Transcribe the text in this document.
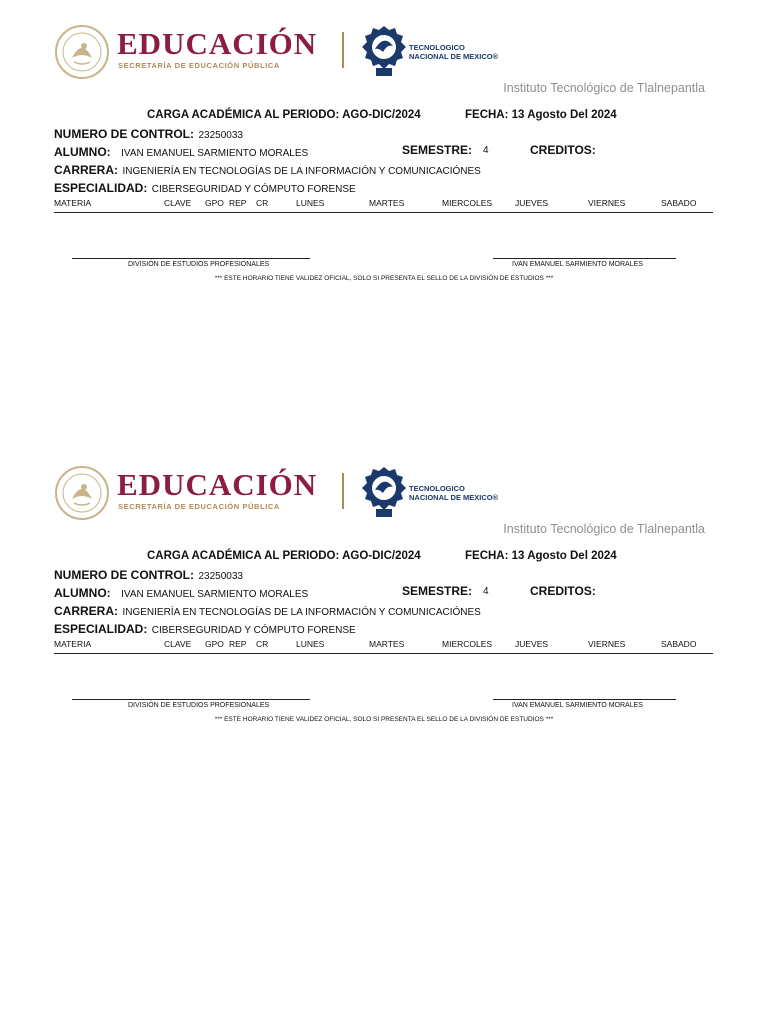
EDUCACIÓN
SECRETARÍA DE EDUCACIÓN PÚBLICA
TECNOLOGICO
NACIONAL DE MEXICO®
Instituto Tecnológico de Tlalnepantla
CARGA ACADÉMICA AL PERIODO: AGO-DIC/2024	FECHA: 13 Agosto Del 2024
NUMERO DE CONTROL: 23250033
ALUMNO: IVAN EMANUEL SARMIENTO MORALES	SEMESTRE: 4	CREDITOS:
CARRERA: INGENIERÍA EN TECNOLOGÍAS DE LA INFORMACIÓN Y COMUNICACIÓNES
ESPECIALIDAD: CIBERSEGURIDAD Y CÓMPUTO FORENSE
MATERIA	CLAVE GPO REP CR	LUNES	MARTES	MIERCOLES	JUEVES	VIERNES	SABADO
DIVISIÓN DE ESTUDIOS PROFESIONALES	IVAN EMANUEL SARMIENTO MORALES
*** ESTE HORARIO TIENE VALIDEZ OFICIAL, SOLO SI PRESENTA EL SELLO DE LA DIVISIÓN DE ESTUDIOS ***
EDUCACIÓN
SECRETARÍA DE EDUCACIÓN PÚBLICA
TECNOLOGICO
NACIONAL DE MEXICO®
Instituto Tecnológico de Tlalnepantla
CARGA ACADÉMICA AL PERIODO: AGO-DIC/2024	FECHA: 13 Agosto Del 2024
NUMERO DE CONTROL: 23250033
ALUMNO: IVAN EMANUEL SARMIENTO MORALES	SEMESTRE: 4	CREDITOS:
CARRERA: INGENIERÍA EN TECNOLOGÍAS DE LA INFORMACIÓN Y COMUNICACIÓNES
ESPECIALIDAD: CIBERSEGURIDAD Y CÓMPUTO FORENSE
MATERIA	CLAVE GPO REP CR	LUNES	MARTES	MIERCOLES	JUEVES	VIERNES	SABADO
DIVISIÓN DE ESTUDIOS PROFESIONALES	IVAN EMANUEL SARMIENTO MORALES
*** ESTE HORARIO TIENE VALIDEZ OFICIAL, SOLO SI PRESENTA EL SELLO DE LA DIVISIÓN DE ESTUDIOS ***
